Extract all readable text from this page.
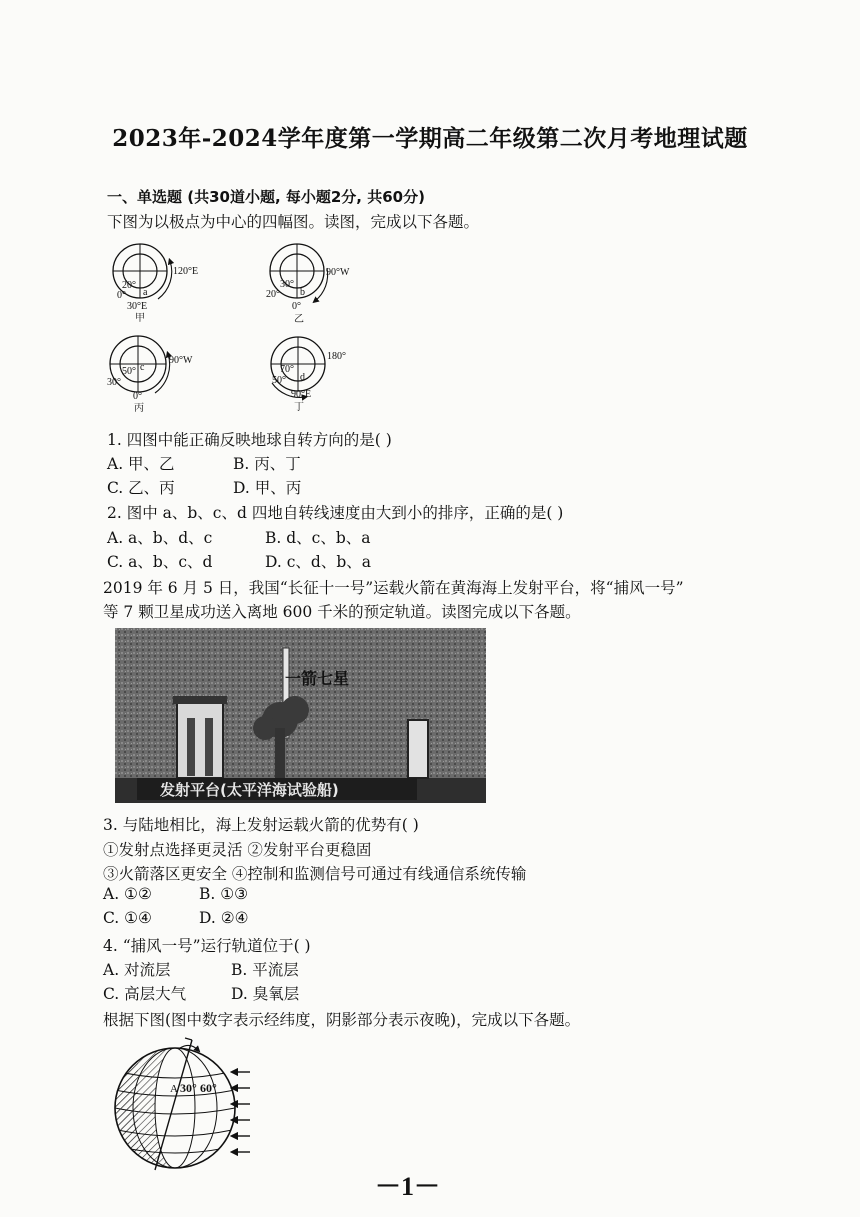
2023年-2024学年度第一学期高二年级第二次月考地理试题
一、单选题 (共30道小题, 每小题2分, 共60分)
下图为以极点为中心的四幅图。读图，完成以下各题。
120°E
20°
a
0°
30°E
甲
90°W
30°
b
20°
0°
乙
90°W
50° c
30°
0°
丙
180°
70°
d
50°
90°E
丁
1. 四图中能正确反映地球自转方向的是( )
A. 甲、乙	B. 丙、丁
C. 乙、丙	D. 甲、丙
2. 图中 a、b、c、d 四地自转线速度由大到小的排序，正确的是( )
A. a、b、d、c	B. d、c、b、a
C. a、b、c、d	D. c、d、b、a
2019 年 6 月 5 日，我国“长征十一号”运载火箭在黄海海上发射平台，将“捕风一号”
等 7 颗卫星成功送入离地 600 千米的预定轨道。读图完成以下各题。
一箭七星
发射平台(太平洋海试验船)
3. 与陆地相比，海上发射运载火箭的优势有( )
①发射点选择更灵活 ②发射平台更稳固
③火箭落区更安全 ④控制和监测信号可通过有线通信系统传输
A. ①②	B. ①③
C. ①④	D. ②④
4. “捕风一号”运行轨道位于( )
A. 对流层	B. 平流层
C. 高层大气	D. 臭氧层
根据下图(图中数字表示经纬度，阴影部分表示夜晚)，完成以下各题。
A 30° 60°
－1－
